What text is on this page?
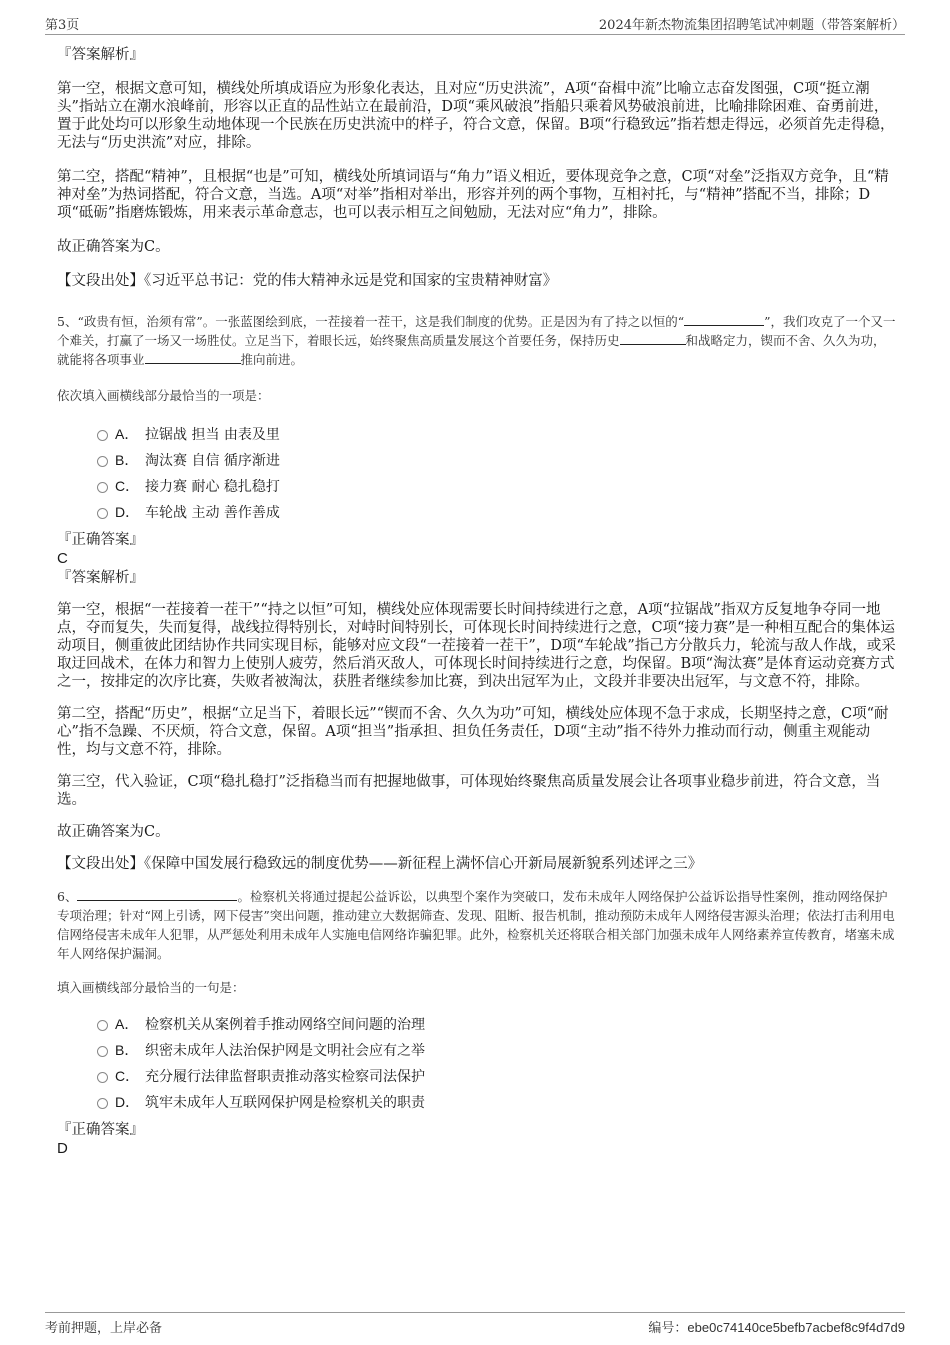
第3页	2024年新杰物流集团招聘笔试冲刺题（带答案解析）
『答案解析』

第一空，根据文意可知，横线处所填成语应为形象化表达，且对应“历史洪流”，A项“奋楫中流”比喻立志奋发图强，C项“挺立潮头”指站立在潮水浪峰前，形容以正直的品性站立在最前沿，D项“乘风破浪”指船只乘着风势破浪前进，比喻排除困难、奋勇前进，置于此处均可以形象生动地体现一个民族在历史洪流中的样子，符合文意，保留。B项“行稳致远”指若想走得远，必须首先走得稳，无法与“历史洪流”对应，排除。

第二空，搭配“精神”，且根据“也是”可知，横线处所填词语与“角力”语义相近，要体现竞争之意，C项“对垒”泛指双方竞争，且“精神对垒”为热词搭配，符合文意，当选。A项“对举”指相对举出，形容并列的两个事物，互相衬托，与“精神”搭配不当，排除；D项“砥砺”指磨炼锻炼，用来表示革命意志，也可以表示相互之间勉励，无法对应“角力”，排除。

故正确答案为C。

【文段出处】《习近平总书记：党的伟大精神永远是党和国家的宝贵精神财富》

5、“政贵有恒，治须有常”。一张蓝图绘到底，一茬接着一茬干，这是我们制度的优势。正是因为有了持之以恒的“	”，我们攻克了一个又一个难关，打赢了一场又一场胜仗。立足当下，着眼长远，始终聚焦高质量发展这个首要任务，保持历史	和战略定力，锲而不舍、久久为功，就能将各项事业	推向前进。

依次填入画横线部分最恰当的一项是：

A． 拉锯战 担当 由表及里
B． 淘汰赛 自信 循序渐进
C． 接力赛 耐心 稳扎稳打
D． 车轮战 主动 善作善成
『正确答案』
C
『答案解析』

第一空，根据“一茬接着一茬干”“持之以恒”可知，横线处应体现需要长时间持续进行之意，A项“拉锯战”指双方反复地争夺同一地点，夺而复失，失而复得，战线拉得特别长，对峙时间特别长，可体现长时间持续进行之意，C项“接力赛”是一种相互配合的集体运动项目，侧重彼此团结协作共同实现目标，能够对应文段“一茬接着一茬干”，D项“车轮战”指己方分散兵力，轮流与敌人作战，或采取迂回战术，在体力和智力上使别人疲劳，然后消灭敌人，可体现长时间持续进行之意，均保留。B项“淘汰赛”是体育运动竞赛方式之一，按排定的次序比赛，失败者被淘汰，获胜者继续参加比赛，到决出冠军为止，文段并非要决出冠军，与文意不符，排除。

第二空，搭配“历史”，根据“立足当下，着眼长远”“锲而不舍、久久为功”可知，横线处应体现不急于求成，长期坚持之意，C项“耐心”指不急躁、不厌烦，符合文意，保留。A项“担当”指承担、担负任务责任，D项“主动”指不待外力推动而行动，侧重主观能动性，均与文意不符，排除。

第三空，代入验证，C项“稳扎稳打”泛指稳当而有把握地做事，可体现始终聚焦高质量发展会让各项事业稳步前进，符合文意，当选。

故正确答案为C。

【文段出处】《保障中国发展行稳致远的制度优势——新征程上满怀信心开新局展新貌系列述评之三》

6、	。检察机关将通过提起公益诉讼，以典型个案作为突破口，发布未成年人网络保护公益诉讼指导性案例，推动网络保护专项治理；针对“网上引诱，网下侵害”突出问题，推动建立大数据筛查、发现、阻断、报告机制，推动预防未成年人网络侵害源头治理；依法打击利用电信网络侵害未成年人犯罪，从严惩处利用未成年人实施电信网络诈骗犯罪。此外，检察机关还将联合相关部门加强未成年人网络素养宣传教育，堵塞未成年人网络保护漏洞。

填入画横线部分最恰当的一句是：

A． 检察机关从案例着手推动网络空间问题的治理
B． 织密未成年人法治保护网是文明社会应有之举
C． 充分履行法律监督职责推动落实检察司法保护
D． 筑牢未成年人互联网保护网是检察机关的职责
『正确答案』
D
考前押题，上岸必备	编号：ebe0c74140ce5befb7acbef8c9f4d7d9
